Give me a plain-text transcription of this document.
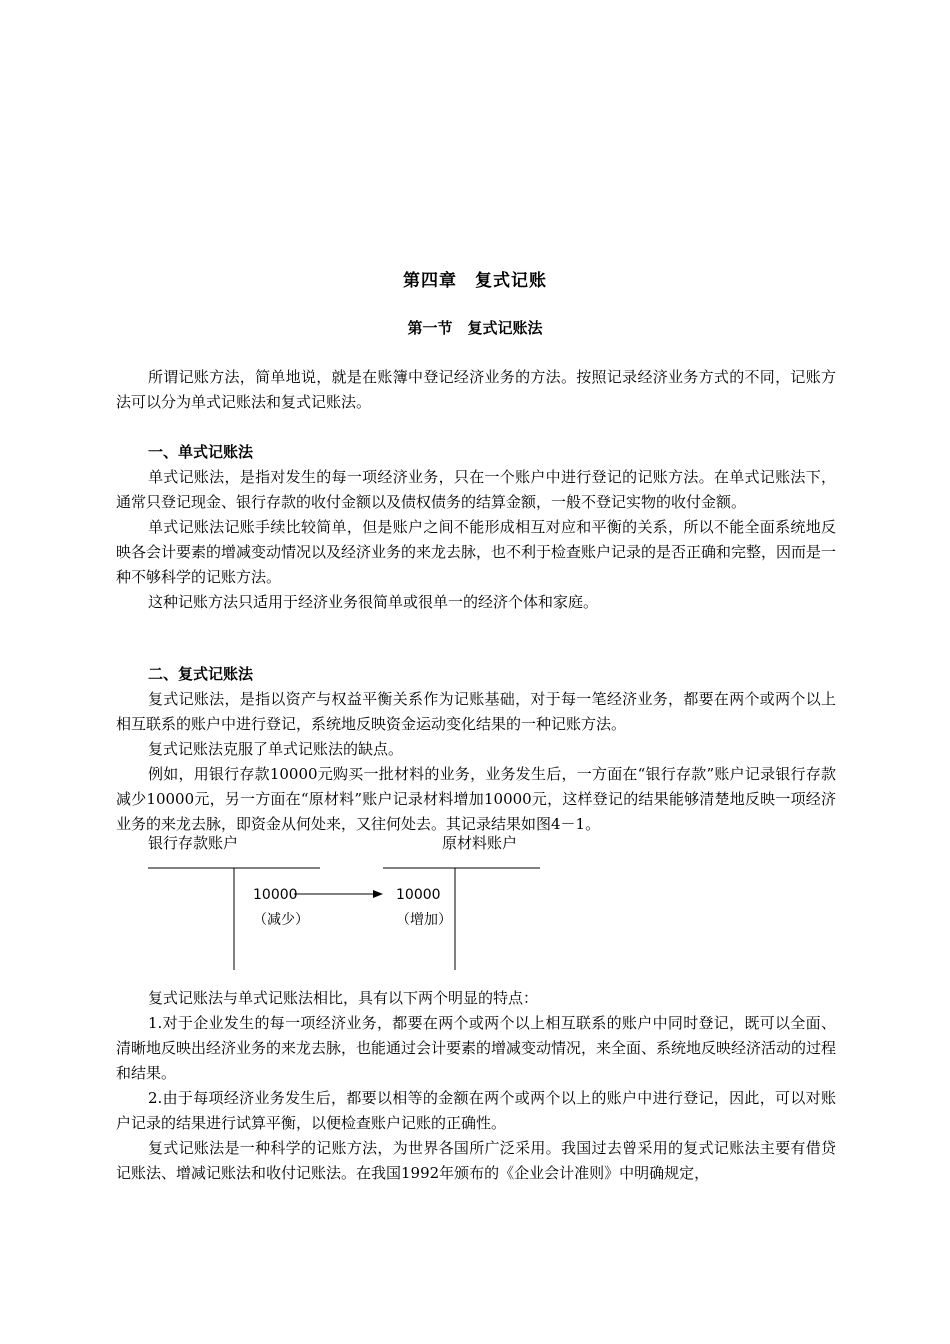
第四章　复式记账
第一节　复式记账法

所谓记账方法，简单地说，就是在账簿中登记经济业务的方法。按照记录经济业务方式的不同，记账方法可以分为单式记账法和复式记账法。

一、单式记账法

单式记账法，是指对发生的每一项经济业务，只在一个账户中进行登记的记账方法。在单式记账法下，通常只登记现金、银行存款的收付金额以及债权债务的结算金额，一般不登记实物的收付金额。

单式记账法记账手续比较简单，但是账户之间不能形成相互对应和平衡的关系，所以不能全面系统地反映各会计要素的增减变动情况以及经济业务的来龙去脉，也不利于检查账户记录的是否正确和完整，因而是一种不够科学的记账方法。

这种记账方法只适用于经济业务很简单或很单一的经济个体和家庭。

二、复式记账法

复式记账法，是指以资产与权益平衡关系作为记账基础，对于每一笔经济业务，都要在两个或两个以上相互联系的账户中进行登记，系统地反映资金运动变化结果的一种记账方法。

复式记账法克服了单式记账法的缺点。

例如，用银行存款10000元购买一批材料的业务，业务发生后，一方面在“银行存款”账户记录银行存款减少10000元，另一方面在“原材料”账户记录材料增加10000元，这样登记的结果能够清楚地反映一项经济业务的来龙去脉，即资金从何处来，又往何处去。其记录结果如图4－1。

银行存款账户	原材料账户
10000
（减少）
10000
（增加）

复式记账法与单式记账法相比，具有以下两个明显的特点：

1.对于企业发生的每一项经济业务，都要在两个或两个以上相互联系的账户中同时登记，既可以全面、清晰地反映出经济业务的来龙去脉，也能通过会计要素的增减变动情况，来全面、系统地反映经济活动的过程和结果。

2.由于每项经济业务发生后，都要以相等的金额在两个或两个以上的账户中进行登记，因此，可以对账户记录的结果进行试算平衡，以便检查账户记账的正确性。

复式记账法是一种科学的记账方法，为世界各国所广泛采用。我国过去曾采用的复式记账法主要有借贷记账法、增减记账法和收付记账法。在我国1992年颁布的《企业会计准则》中明确规定，
